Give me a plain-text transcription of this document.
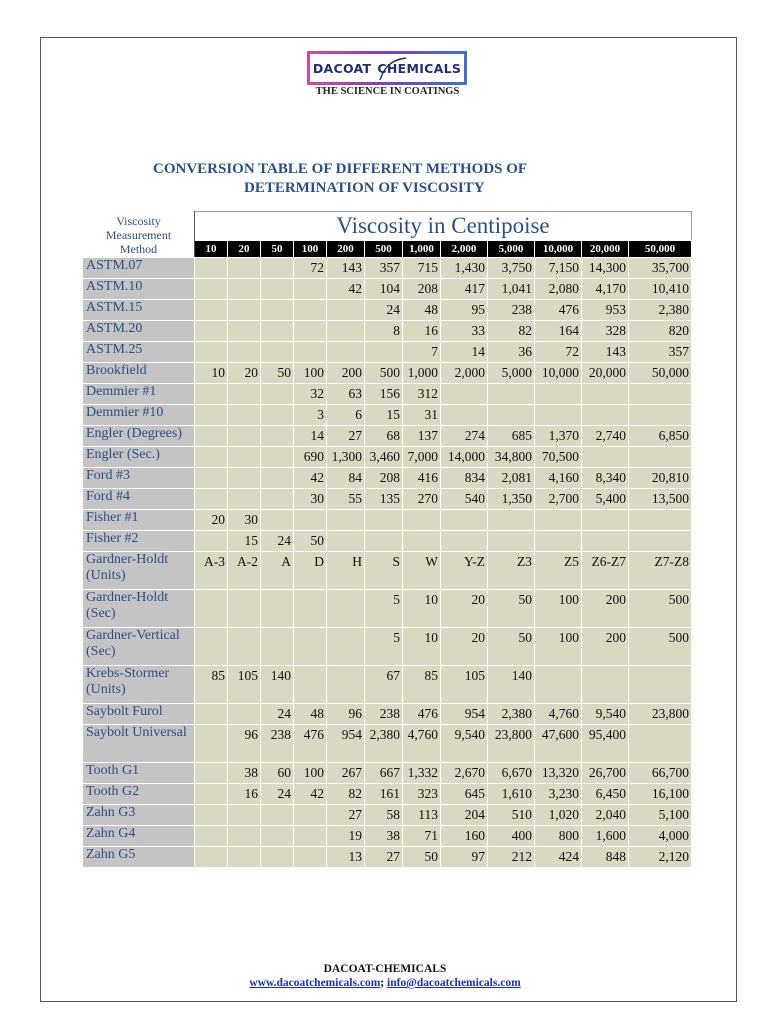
DACOAT CHEMICALS
THE SCIENCE IN COATINGS
CONVERSION TABLE OF DIFFERENT METHODS OF
DETERMINATION OF VISCOSITY
Viscosity
Measurement
Method	Viscosity in Centipoise											
	10	20	50	100	200	500	1,000	2,000	5,000	10,000	20,000	50,000
ASTM.07				72	143	357	715	1,430	3,750	7,150	14,300	35,700
ASTM.10					42	104	208	417	1,041	2,080	4,170	10,410
ASTM.15						24	48	95	238	476	953	2,380
ASTM.20						8	16	33	82	164	328	820
ASTM.25							7	14	36	72	143	357
Brookfield	10	20	50	100	200	500	1,000	2,000	5,000	10,000	20,000	50,000
Demmier #1				32	63	156	312					
Demmier #10				3	6	15	31					
Engler (Degrees)				14	27	68	137	274	685	1,370	2,740	6,850
Engler (Sec.)				690	1,300	3,460	7,000	14,000	34,800	70,500		
Ford #3				42	84	208	416	834	2,081	4,160	8,340	20,810
Ford #4				30	55	135	270	540	1,350	2,700	5,400	13,500
Fisher #1	20	30										
Fisher #2		15	24	50								
Gardner-Holdt (Units)	A-3	A-2	A	D	H	S	W	Y-Z	Z3	Z5	Z6-Z7	Z7-Z8
Gardner-Holdt (Sec)						5	10	20	50	100	200	500
Gardner-Vertical (Sec)						5	10	20	50	100	200	500
Krebs-Stormer (Units)	85	105	140			67	85	105	140			
Saybolt Furol			24	48	96	238	476	954	2,380	4,760	9,540	23,800
Saybolt Universal		96	238	476	954	2,380	4,760	9,540	23,800	47,600	95,400	
Tooth G1		38	60	100	267	667	1,332	2,670	6,670	13,320	26,700	66,700
Tooth G2		16	24	42	82	161	323	645	1,610	3,230	6,450	16,100
Zahn G3					27	58	113	204	510	1,020	2,040	5,100
Zahn G4					19	38	71	160	400	800	1,600	4,000
Zahn G5					13	27	50	97	212	424	848	2,120
DACOAT-CHEMICALS
www.dacoatchemicals.com; info@dacoatchemicals.com
